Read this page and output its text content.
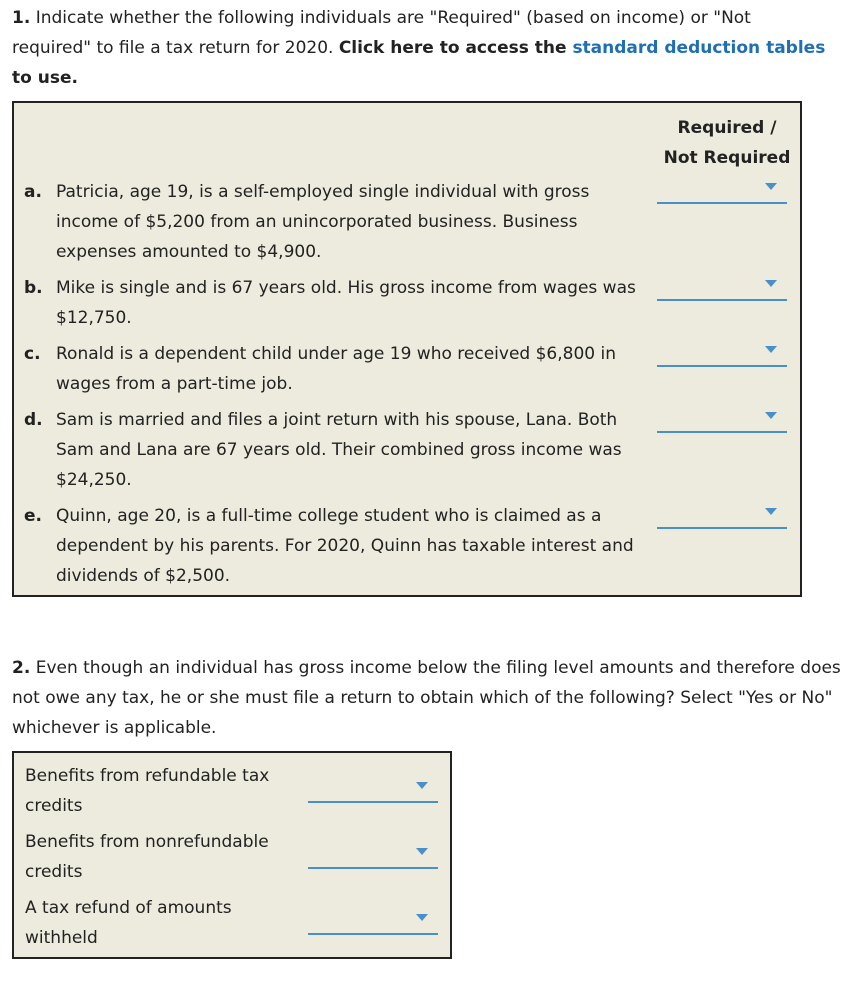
1. Indicate whether the following individuals are "Required" (based on income) or "Not required" to file a tax return for 2020. Click here to access the standard deduction tables to use.

Required /
Not Required
a. Patricia, age 19, is a self-employed single individual with gross income of $5,200 from an unincorporated business. Business expenses amounted to $4,900.
b. Mike is single and is 67 years old. His gross income from wages was $12,750.
c. Ronald is a dependent child under age 19 who received $6,800 in wages from a part-time job.
d. Sam is married and files a joint return with his spouse, Lana. Both Sam and Lana are 67 years old. Their combined gross income was $24,250.
e. Quinn, age 20, is a full-time college student who is claimed as a dependent by his parents. For 2020, Quinn has taxable interest and dividends of $2,500.

2. Even though an individual has gross income below the filing level amounts and therefore does not owe any tax, he or she must file a return to obtain which of the following? Select "Yes or No" whichever is applicable.

Benefits from refundable tax credits
Benefits from nonrefundable credits
A tax refund of amounts withheld
